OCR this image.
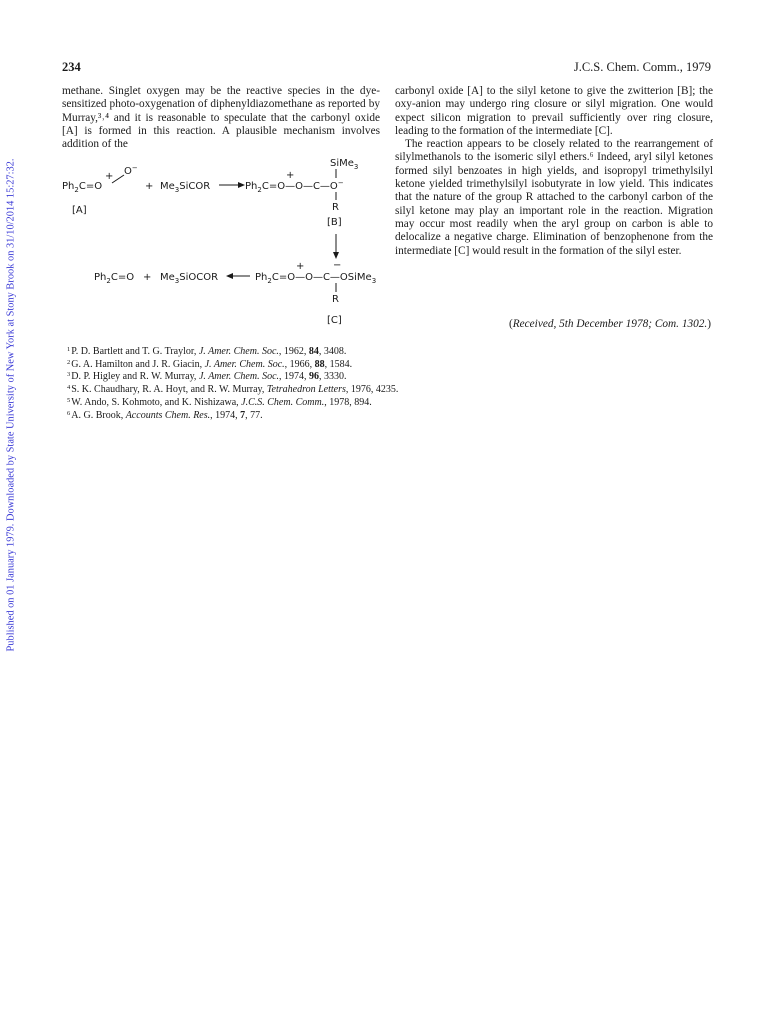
Published on 01 January 1979. Downloaded by State University of New York at Stony Brook on 31/10/2014 15:27:32.
234	J.C.S. Chem. Comm., 1979
methane. Singlet oxygen may be the reactive species in the dye-sensitized photo-oxygenation of diphenyldiazomethane as reported by Murray,³˒⁴ and it is reasonable to speculate that the carbonyl oxide [A] is formed in this reaction. A plausible mechanism involves addition of the

carbonyl oxide [A] to the silyl ketone to give the zwitterion [B]; the oxy-anion may undergo ring closure or silyl migration. One would expect silicon migration to prevail sufficiently over ring closure, leading to the formation of the intermediate [C].

The reaction appears to be closely related to the rearrangement of silylmethanols to the isomeric silyl ethers.⁶ Indeed, aryl silyl ketones formed silyl benzoates in high yields, and isopropyl trimethylsilyl ketone yielded trimethylsilyl isobutyrate in low yield. This indicates that the nature of the group R attached to the carbonyl carbon of the silyl ketone may play an important role in the reaction. Migration may occur most readily when the aryl group on carbon is able to delocalize a negative charge. Elimination of benzophenone from the intermediate [C] would result in the formation of the silyl ester.

$Ph_2C=O$
+ O−
[A]
+ $Me_3SiCOR$	$Ph_2C=O—O—C—O^-$
+
SiMe$_3$
R
[B]
$Ph_2C=O$ + $Me_3SiOCOR$	$Ph_2C=O—O—C—OSiMe_3$
+	−
R
[C]	(Received, 5th December 1978; Com. 1302.)
$^1$P. D. Bartlett and T. G. Traylor, J. Amer. Chem. Soc., 1962, 84, 3408.
$^2$G. A. Hamilton and J. R. Giacin, J. Amer. Chem. Soc., 1966, 88, 1584.
$^3$D. P. Higley and R. W. Murray, J. Amer. Chem. Soc., 1974, 96, 3330.
$^4$S. K. Chaudhary, R. A. Hoyt, and R. W. Murray, Tetrahedron Letters, 1976, 4235.
$^5$W. Ando, S. Kohmoto, and K. Nishizawa, J.C.S. Chem. Comm., 1978, 894.
$^6$A. G. Brook, Accounts Chem. Res., 1974, 7, 77.
